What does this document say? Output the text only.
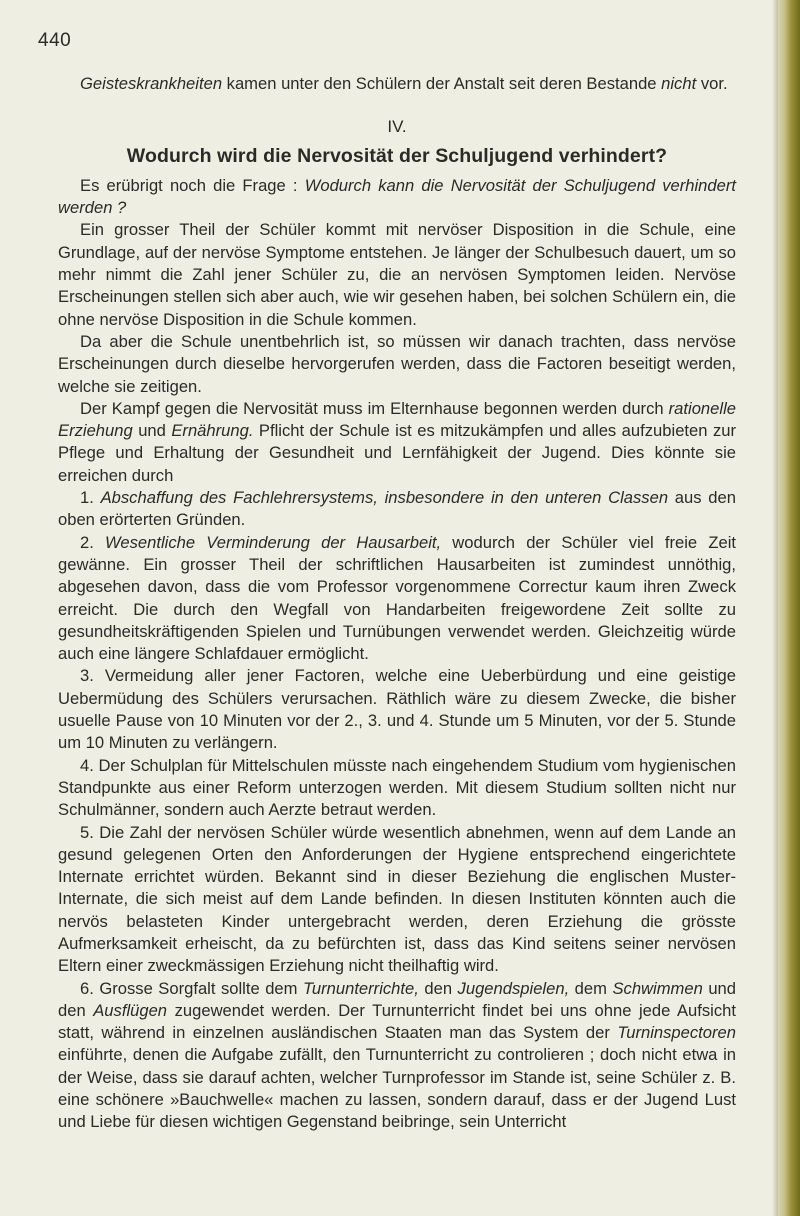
440

Geisteskrankheiten kamen unter den Schülern der Anstalt seit deren Bestande nicht vor.

IV.

Wodurch wird die Nervosität der Schuljugend verhindert?

Es erübrigt noch die Frage : Wodurch kann die Nervosität der Schuljugend verhindert werden ?

Ein grosser Theil der Schüler kommt mit nervöser Disposition in die Schule, eine Grundlage, auf der nervöse Symptome entstehen. Je länger der Schulbesuch dauert, um so mehr nimmt die Zahl jener Schüler zu, die an nervösen Symptomen leiden. Nervöse Erscheinungen stellen sich aber auch, wie wir gesehen haben, bei solchen Schülern ein, die ohne nervöse Disposition in die Schule kommen.

Da aber die Schule unentbehrlich ist, so müssen wir danach trachten, dass nervöse Erscheinungen durch dieselbe hervorgerufen werden, dass die Factoren beseitigt werden, welche sie zeitigen.

Der Kampf gegen die Nervosität muss im Elternhause begonnen werden durch rationelle Erziehung und Ernährung. Pflicht der Schule ist es mitzukämpfen und alles aufzubieten zur Pflege und Erhaltung der Gesundheit und Lernfähigkeit der Jugend. Dies könnte sie erreichen durch

1. Abschaffung des Fachlehrersystems, insbesondere in den unteren Classen aus den oben erörterten Gründen.

2. Wesentliche Verminderung der Hausarbeit, wodurch der Schüler viel freie Zeit gewänne. Ein grosser Theil der schriftlichen Hausarbeiten ist zumindest unnöthig, abgesehen davon, dass die vom Professor vorgenommene Correctur kaum ihren Zweck erreicht. Die durch den Wegfall von Handarbeiten freigewordene Zeit sollte zu gesundheitskräftigenden Spielen und Turnübungen verwendet werden. Gleichzeitig würde auch eine längere Schlafdauer ermöglicht.

3. Vermeidung aller jener Factoren, welche eine Ueberbürdung und eine geistige Uebermüdung des Schülers verursachen. Räthlich wäre zu diesem Zwecke, die bisher usuelle Pause von 10 Minuten vor der 2., 3. und 4. Stunde um 5 Minuten, vor der 5. Stunde um 10 Minuten zu verlängern.

4. Der Schulplan für Mittelschulen müsste nach eingehendem Studium vom hygienischen Standpunkte aus einer Reform unterzogen werden. Mit diesem Studium sollten nicht nur Schulmänner, sondern auch Aerzte betraut werden.

5. Die Zahl der nervösen Schüler würde wesentlich abnehmen, wenn auf dem Lande an gesund gelegenen Orten den Anforderungen der Hygiene entsprechend eingerichtete Internate errichtet würden. Bekannt sind in dieser Beziehung die englischen Muster-Internate, die sich meist auf dem Lande befinden. In diesen Instituten könnten auch die nervös belasteten Kinder untergebracht werden, deren Erziehung die grösste Aufmerksamkeit erheischt, da zu befürchten ist, dass das Kind seitens seiner nervösen Eltern einer zweckmässigen Erziehung nicht theilhaftig wird.

6. Grosse Sorgfalt sollte dem Turnunterrichte, den Jugendspielen, dem Schwimmen und den Ausflügen zugewendet werden. Der Turnunterricht findet bei uns ohne jede Aufsicht statt, während in einzelnen ausländischen Staaten man das System der Turninspectoren einführte, denen die Aufgabe zufällt, den Turnunterricht zu controlieren ; doch nicht etwa in der Weise, dass sie darauf achten, welcher Turnprofessor im Stande ist, seine Schüler z. B. eine schönere »Bauchwelle« machen zu lassen, sondern darauf, dass er der Jugend Lust und Liebe für diesen wichtigen Gegenstand beibringe, sein Unterricht
